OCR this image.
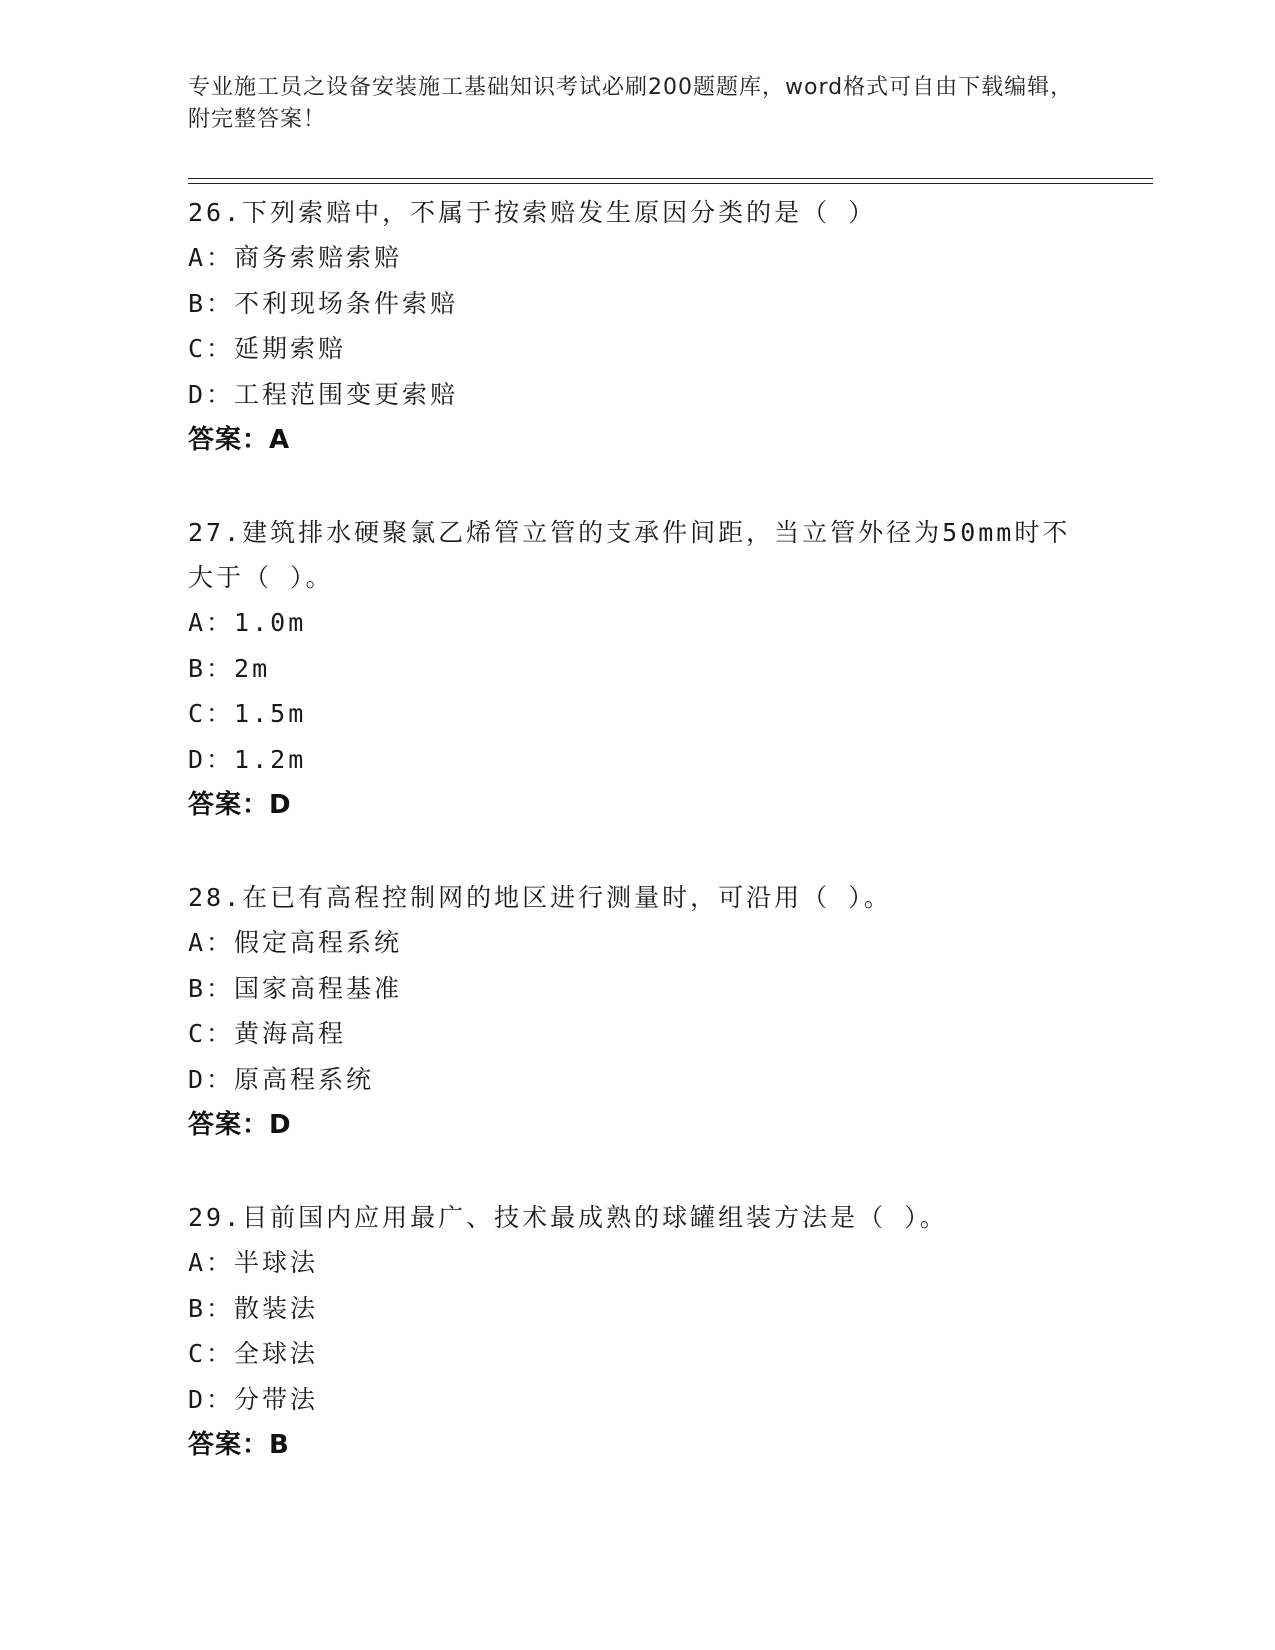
专业施工员之设备安装施工基础知识考试必刷200题题库，word格式可自由下载编辑，附完整答案！

26.下列索赔中，不属于按索赔发生原因分类的是（ ）

A：商务索赔索赔

B：不利现场条件索赔

C：延期索赔

D：工程范围变更索赔

答案：A

27.建筑排水硬聚氯乙烯管立管的支承件间距，当立管外径为50mm时不大于（ ）。

A：1.0m

B：2m

C：1.5m

D：1.2m

答案：D

28.在已有高程控制网的地区进行测量时，可沿用（ ）。

A：假定高程系统

B：国家高程基准

C：黄海高程

D：原高程系统

答案：D

29.目前国内应用最广、技术最成熟的球罐组装方法是（ ）。

A：半球法

B：散装法

C：全球法

D：分带法

答案：B
